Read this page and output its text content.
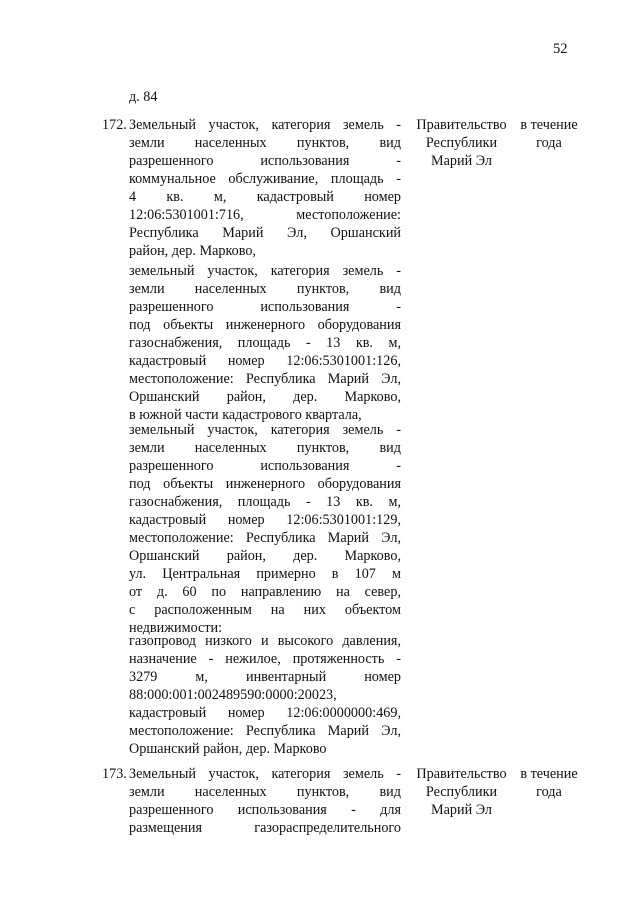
52
д. 84
172.	Правительство
Республики
Марий Эл
в течение
года
Земельный участок, категория земель -
земли населенных пунктов, вид
разрешенного использования -
коммунальное обслуживание, площадь -
4 кв. м, кадастровый номер
12:06:5301001:716, местоположение:
Республика Марий Эл, Оршанский
район, дер. Марково,
земельный участок, категория земель -
земли населенных пунктов, вид
разрешенного использования -
под объекты инженерного оборудования
газоснабжения, площадь - 13 кв. м,
кадастровый номер 12:06:5301001:126,
местоположение: Республика Марий Эл,
Оршанский район, дер. Марково,
в южной части кадастрового квартала,
земельный участок, категория земель -
земли населенных пунктов, вид
разрешенного использования -
под объекты инженерного оборудования
газоснабжения, площадь - 13 кв. м,
кадастровый номер 12:06:5301001:129,
местоположение: Республика Марий Эл,
Оршанский район, дер. Марково,
ул. Центральная примерно в 107 м
от д. 60 по направлению на север,
с расположенным на них объектом
недвижимости:
газопровод низкого и высокого давления,
назначение - нежилое, протяженность -
3279 м, инвентарный номер
88:000:001:002489590:0000:20023,
кадастровый номер 12:06:0000000:469,
местоположение: Республика Марий Эл,
Оршанский район, дер. Марково
173.	Правительство
Республики
Марий Эл
в течение
года
Земельный участок, категория земель -
земли населенных пунктов, вид
разрешенного использования - для
размещения газораспределительного
